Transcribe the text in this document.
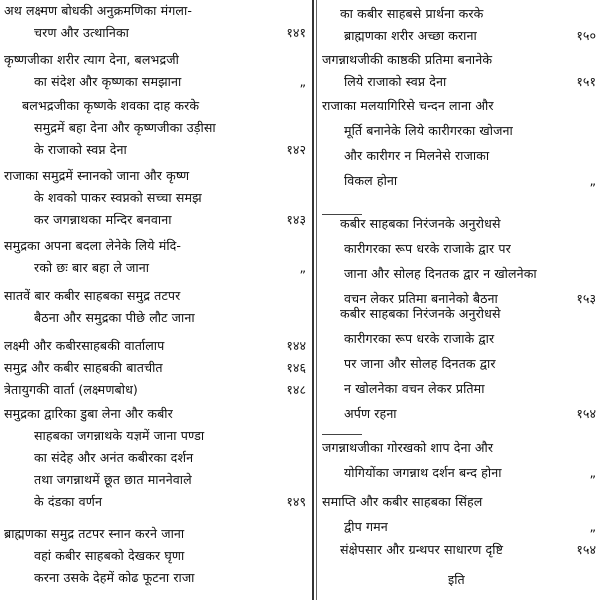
अथ लक्ष्मण बोधकी अनुक्रमणिका मंगला-
चरण और उत्थानिका	१४१
कृष्णजीका शरीर त्याग देना, बलभद्रजी
का संदेश और कृष्णका समझाना	„
बलभद्रजीका कृष्णके शवका दाह करके
समुद्रमें बहा देना और कृष्णजीका उड़ीसा
के राजाको स्वप्न देना	१४२
राजाका समुद्रमें स्नानको जाना और कृष्ण
के शवको पाकर स्वप्नको सच्चा समझ
कर जगन्नाथका मन्दिर बनवाना	१४३
समुद्रका अपना बदला लेनेके लिये मंदि-
रको छः बार बहा ले जाना	„
सातवें बार कबीर साहबका समुद्र तटपर
बैठना और समुद्रका पीछे लौट जाना
लक्ष्मी और कबीरसाहबकी वार्तालाप	१४४
समुद्र और कबीर साहबकी बातचीत	१४६
त्रेतायुगकी वार्ता (लक्ष्मणबोध)	१४८
समुद्रका द्वारिका डुबा लेना और कबीर
साहबका जगन्नाथके यज्ञमें जाना पण्डा
का संदेह और अनंत कबीरका दर्शन
तथा जगन्नाथमें छूत छात माननेवाले
के दंडका वर्णन	१४९
ब्राह्मणका समुद्र तटपर स्नान करने जाना
वहां कबीर साहबको देखकर घृणा
करना उसके देहमें कोढ फूटना राजा
का कबीर साहबसे प्रार्थना करके
ब्राह्मणका शरीर अच्छा कराना	१५०
जगन्नाथजीकी काष्ठकी प्रतिमा बनानेके
लिये राजाको स्वप्न देना	१५१
राजाका मलयागिरिसे चन्दन लाना और
मूर्ति बनानेके लिये कारीगरका खोजना
और कारीगर न मिलनेसे राजाका
विकल होना	„
कबीर साहबका निरंजनके अनुरोधसे
कारीगरका रूप धरके राजाके द्वार पर
जाना और सोलह दिनतक द्वार न खोलनेका
वचन लेकर प्रतिमा बनानेको बैठना	१५३
कबीर साहबका निरंजनके अनुरोधसे
कारीगरका रूप धरके राजाके द्वार
पर जाना और सोलह दिनतक द्वार
न खोलनेका वचन लेकर प्रतिमा
अर्पण रहना	१५४
जगन्नाथजीका गोरखको शाप देना और
योगियोंका जगन्नाथ दर्शन बन्द होना	„
समाप्ति और कबीर साहबका सिंहल
द्वीप गमन	„
संक्षेपसार और ग्रन्थपर साधारण दृष्टि	१५४
इति
